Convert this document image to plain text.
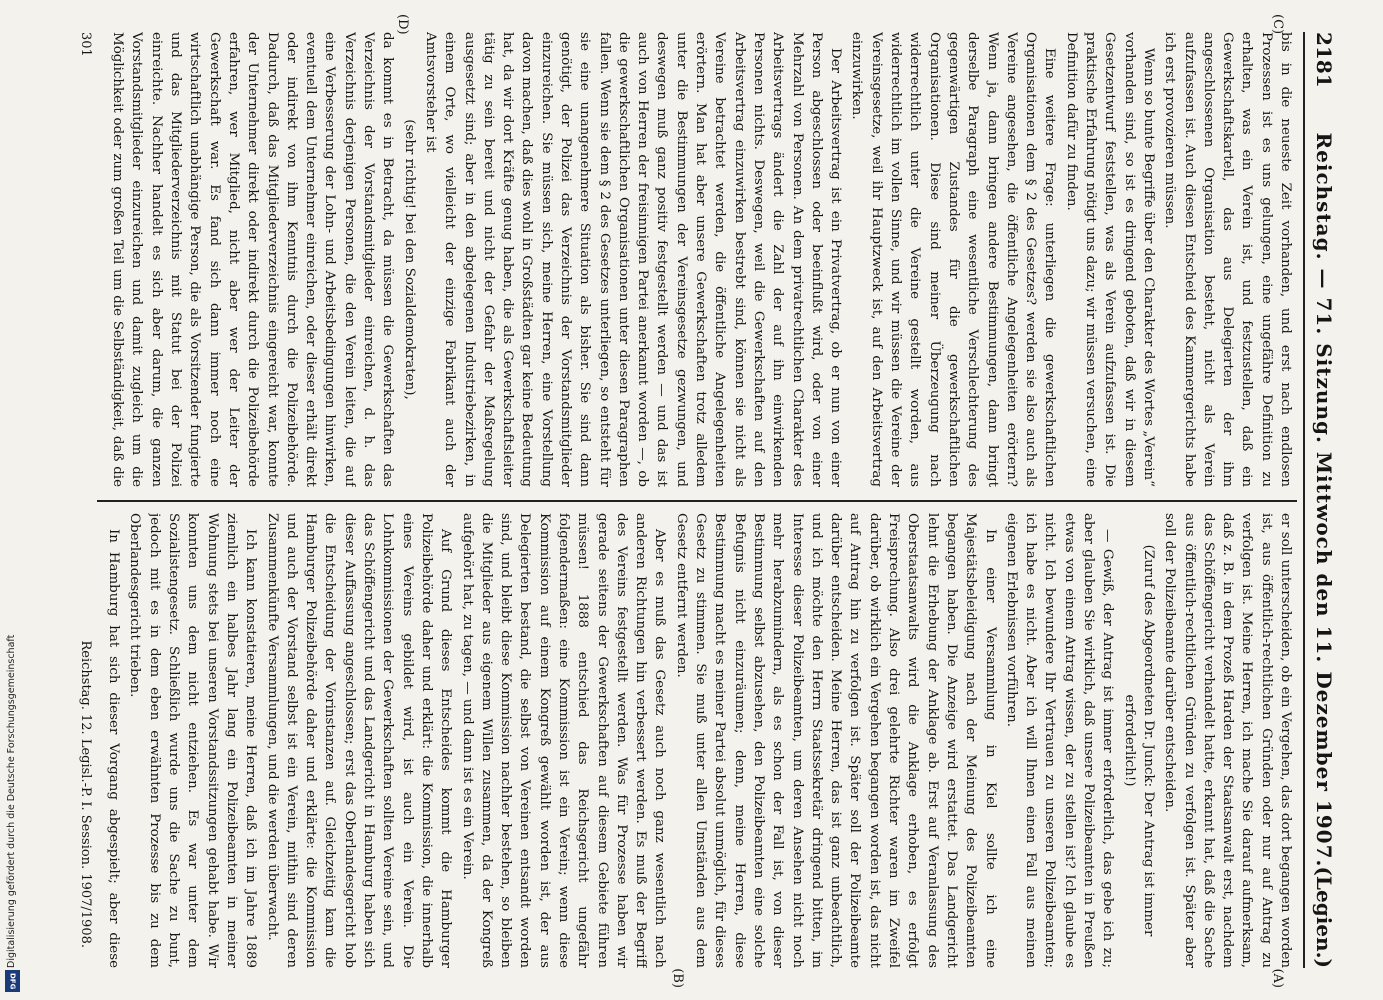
2181
Reichstag. — 71. Sitzung. Mittwoch den 11. Dezember 1907.
(Legien.)
(C)
(D)
(A)
(B)

bis in die neueste Zeit vorhanden, und erst nach endlosen Prozessen ist es uns gelungen, eine ungefähre Definition zu erhalten, was ein Verein ist, und festzustellen, daß ein Gewerkschaftskartell, das aus Delegierten der ihm angeschlossenen Organisation besteht, nicht als Verein aufzufassen ist. Auch diesen Entscheid des Kammergerichts habe ich erst provozieren müssen.

Wenn so bunte Begriffe über den Charakter des Wortes „Verein“ vorhanden sind, so ist es dringend geboten, daß wir in diesem Gesetzentwurf feststellen, was als Verein aufzufassen ist. Die praktische Erfahrung nötigt uns dazu; wir müssen versuchen, eine Definition dafür zu finden.

Eine weitere Frage: unterliegen die gewerkschaftlichen Organisationen dem § 2 des Gesetzes? werden sie also auch als Vereine angesehen, die öffentliche Angelegenheiten erörtern? Wenn ja, dann bringen andere Bestimmungen, dann bringt derselbe Paragraph eine wesentliche Verschlechterung des gegenwärtigen Zustandes für die gewerkschaftlichen Organisationen. Diese sind meiner Überzeugung nach widerrechtlich unter die Vereine gestellt worden, aus widerrechtlich im vollen Sinne, und wir müssen die Vereine der Vereinsgesetze, weil ihr Hauptzweck ist, auf den Arbeitsvertrag einzuwirken.

Der Arbeitsvertrag ist ein Privatvertrag, ob er nun von einer Person abgeschlossen oder beeinflußt wird, oder von einer Mehrzahl von Personen. An dem privatrechtlichen Charakter des Arbeitsvertrags ändert die Zahl der auf ihn einwirkenden Personen nichts. Deswegen, weil die Gewerkschaften auf den Arbeitsvertrag einzuwirken bestrebt sind, können sie nicht als Vereine betrachtet werden, die öffentliche Angelegenheiten erörtern. Man hat aber unsere Gewerkschaften trotz alledem unter die Bestimmungen der Vereinsgesetze gezwungen, und deswegen muß ganz positiv festgestellt werden — und das ist auch von Herren der freisinnigen Partei anerkannt worden —, ob die gewerkschaftlichen Organisationen unter diesen Paragraphen fallen. Wenn sie dem § 2 des Gesetzes unterliegen, so entsteht für sie eine unangenehmere Situation als bisher. Sie sind dann genötigt, der Polizei das Verzeichnis der Vorstandsmitglieder einzureichen. Sie müssen sich, meine Herren, eine Vorstellung davon machen, daß dies wohl in Großstädten gar keine Bedeutung hat, da wir dort Kräfte genug haben, die als Gewerkschaftsleiter tätig zu sein bereit und nicht der Gefahr der Maßregelung ausgesetzt sind; aber in den abgelegenen Industriebezirken, in einem Orte, wo vielleicht der einzige Fabrikant auch der Amtsvorsteher ist

(sehr richtig! bei den Sozialdemokraten),

da kommt es in Betracht, da müssen die Gewerkschaften das Verzeichnis der Vorstandsmitglieder einreichen, d. h. das Verzeichnis derjenigen Personen, die den Verein leiten, die auf eine Verbesserung der Lohn- und Arbeitsbedingungen hinwirken, eventuell dem Unternehmer einreichen, oder dieser erhält direkt oder indirekt von ihm Kenntnis durch die Polizeibehörde. Dadurch, daß das Mitgliederverzeichnis eingereicht war, konnte der Unternehmer direkt oder indirekt durch die Polizeibehörde erfahren, wer Mitglied, nicht aber wer der Leiter der Gewerkschaft war. Es fand sich dann immer noch eine wirtschaftlich unabhängige Person, die als Vorsitzender fungierte und das Mitgliederverzeichnis mit Statut bei der Polizei einreichte. Nachher handelt es sich aber darum, die ganzen Vorstandsmitglieder einzureichen und damit zugleich um die Möglichkeit oder zum großen Teil um die Selbständigkeit, daß die

er soll unterscheiden, ob ein Vergehen, das dort begangen worden ist, aus öffentlich-rechtlichen Gründen oder nur auf Antrag zu verfolgen ist. Meine Herren, ich mache Sie darauf aufmerksam, daß z. B. in dem Prozeß Harden der Staatsanwalt erst, nachdem das Schöffengericht verhandelt hatte, erkannt hat, daß die Sache aus öffentlich-rechtlichen Gründen zu verfolgen ist. Später aber soll der Polizeibeamte darüber entscheiden.

(Zuruf des Abgeordneten Dr. Junck: Der Antrag ist immer erforderlich!)

— Gewiß, der Antrag ist immer erforderlich, das gebe ich zu; aber glauben Sie wirklich, daß unsere Polizeibeamten in Preußen etwas von einem Antrag wissen, der zu stellen ist? Ich glaube es nicht. Ich bewundere Ihr Vertrauen zu unseren Polizeibeamten; ich habe es nicht. Aber ich will Ihnen einen Fall aus meinen eigenen Erlebnissen vorführen.

In einer Versammlung in Kiel sollte ich eine Majestätsbeleidigung nach der Meinung des Polizeibeamten begangen haben. Die Anzeige wird erstattet. Das Landgericht lehnt die Erhebung der Anklage ab. Erst auf Veranlassung des Oberstaatsanwalts wird die Anklage erhoben, es erfolgt Freisprechung. Also drei gelehrte Richter waren im Zweifel darüber, ob wirklich ein Vergehen begangen worden ist, das nicht auf Antrag hin zu verfolgen ist. Später soll der Polizeibeamte darüber entscheiden. Meine Herren, das ist ganz unbeachtlich, und ich möchte den Herrn Staatssekretär dringend bitten, im Interesse dieser Polizeibeamten, um deren Ansehen nicht noch mehr herabzumindern, als es schon der Fall ist, von dieser Bestimmung selbst abzusehen, den Polizeibeamten eine solche Befugnis nicht einzuräumen; denn, meine Herren, diese Bestimmung macht es meiner Partei absolut unmöglich, für dieses Gesetz zu stimmen. Sie muß unter allen Umständen aus dem Gesetz entfernt werden.

Aber es muß das Gesetz auch noch ganz wesentlich nach anderen Richtungen hin verbessert werden. Es muß der Begriff des Vereins festgestellt werden. Was für Prozesse haben wir gerade seitens der Gewerkschaften auf diesem Gebiete führen müssen! 1888 entschied das Reichsgericht ungefähr folgendermaßen: eine Kommission ist ein Verein; wenn diese Kommission auf einem Kongreß gewählt worden ist, der aus Delegierten bestand, die selbst von Vereinen entsandt worden sind, und bleibt diese Kommission nachher bestehen, so bleiben die Mitglieder aus eigenem Willen zusammen, da der Kongreß aufgehört hat, zu tagen, — und dann ist es ein Verein.

Auf Grund dieses Entscheides kommt die Hamburger Polizeibehörde daher und erklärt: die Kommission, die innerhalb eines Vereins gebildet wird, ist auch ein Verein. Die Lohnkommissionen der Gewerkschaften sollten Vereine sein, und das Schöffengericht und das Landgericht in Hamburg haben sich dieser Auffassung angeschlossen; erst das Oberlandesgericht hob die Entscheidung der Vorinstanzen auf. Gleichzeitig kam die Hamburger Polizeibehörde daher und erklärte: die Kommission und auch der Vorstand selbst ist ein Verein, mithin sind deren Zusammenkünfte Versammlungen, und die werden überwacht.

Ich kann konstatieren, meine Herren, daß ich im Jahre 1889 ziemlich ein halbes Jahr lang ein Polizeibeamten in meiner Wohnung stets bei unseren Vorstandssitzungen gehabt habe. Wir konnten uns dem nicht entziehen. Es war unter dem Sozialistengesetz. Schließlich wurde uns die Sache zu bunt, jedoch mit es in dem eben erwähnten Prozesse bis zu dem Oberlandesgericht trieben.

In Hamburg hat sich dieser Vorgang abgespielt; aber diese

301
Reichstag. 12. Legisl.-P. I. Session. 1907/1908.
Digitalisierung gefördert durch die Deutsche Forschungsgemeinschaft
DFG
